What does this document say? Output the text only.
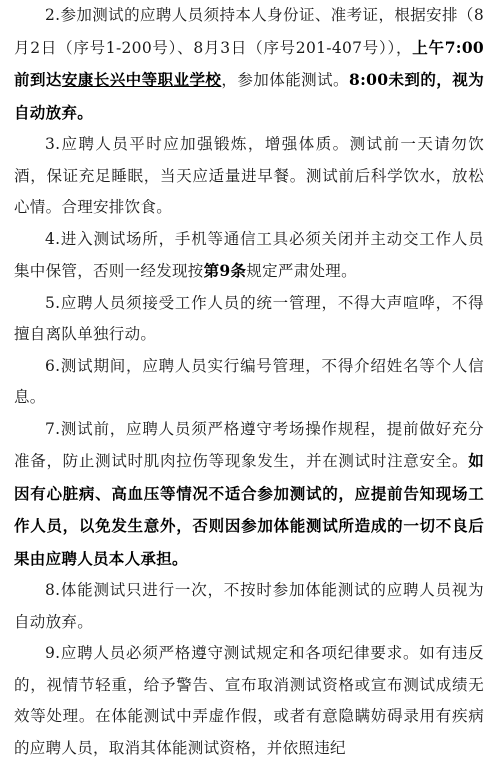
2.参加测试的应聘人员须持本人身份证、准考证，根据安排（8月2日（序号1-200号）、8月3日（序号201-407号）），上午7:00前到达安康长兴中等职业学校，参加体能测试。8:00未到的，视为自动放弃。

3.应聘人员平时应加强锻炼，增强体质。测试前一天请勿饮酒，保证充足睡眠，当天应适量进早餐。测试前后科学饮水，放松心情。合理安排饮食。

4.进入测试场所，手机等通信工具必须关闭并主动交工作人员集中保管，否则一经发现按第9条规定严肃处理。

5.应聘人员须接受工作人员的统一管理，不得大声喧哗，不得擅自离队单独行动。

6.测试期间，应聘人员实行编号管理，不得介绍姓名等个人信息。

7.测试前，应聘人员须严格遵守考场操作规程，提前做好充分准备，防止测试时肌肉拉伤等现象发生，并在测试时注意安全。如因有心脏病、高血压等情况不适合参加测试的，应提前告知现场工作人员，以免发生意外，否则因参加体能测试所造成的一切不良后果由应聘人员本人承担。

8.体能测试只进行一次，不按时参加体能测试的应聘人员视为自动放弃。

9.应聘人员必须严格遵守测试规定和各项纪律要求。如有违反的，视情节轻重，给予警告、宣布取消测试资格或宣布测试成绩无效等处理。在体能测试中弄虚作假，或者有意隐瞒妨碍录用有疾病的应聘人员，取消其体能测试资格，并依照违纪
